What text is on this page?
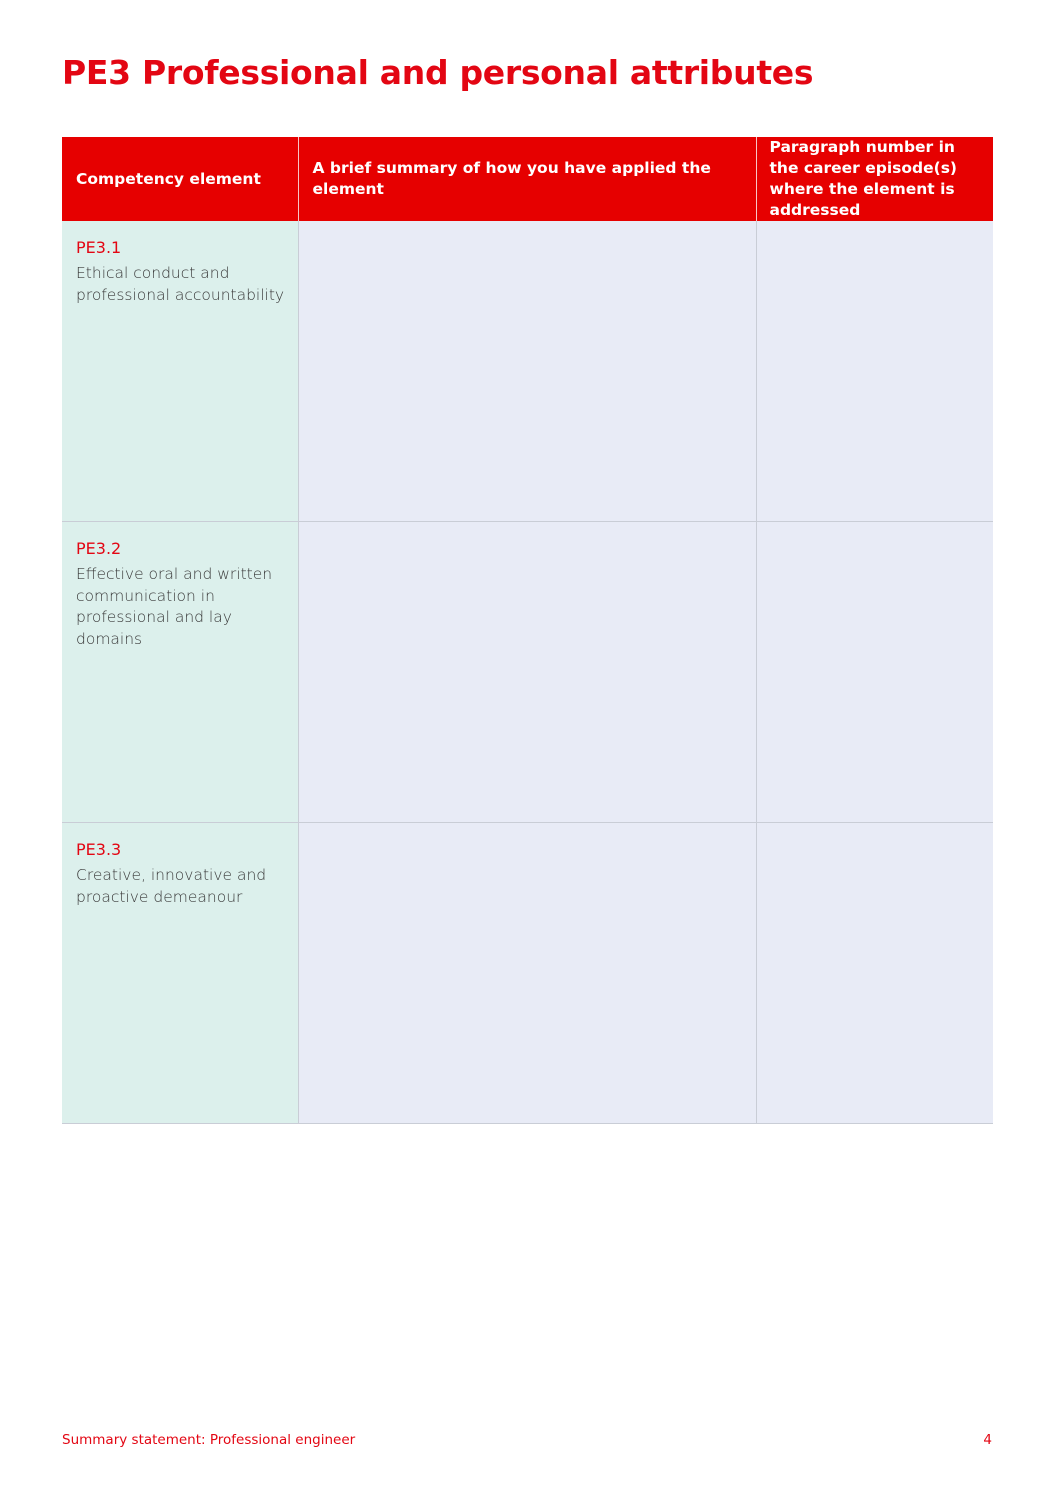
PE3 Professional and personal attributes
Competency element	A brief summary of how you have applied the element	Paragraph number in the career episode(s) where the element is addressed

PE3.1
Ethical conduct and professional accountability		

PE3.2
Effective oral and written communication in professional and lay domains		

PE3.3
Creative, innovative and proactive demeanour		

Summary statement: Professional engineer	4
